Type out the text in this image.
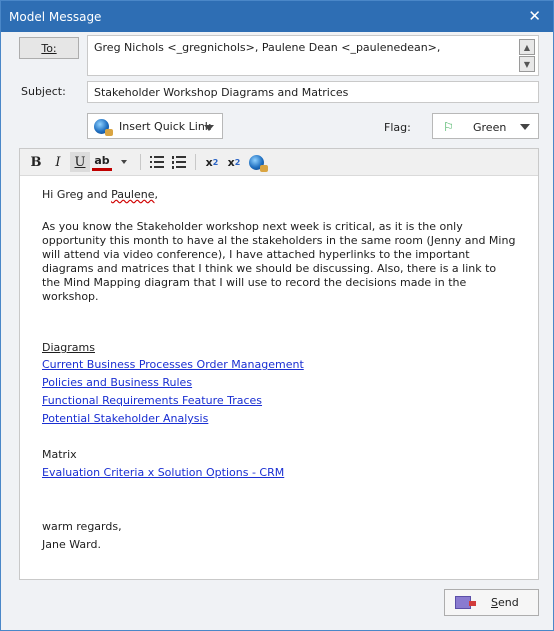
Model Message	✕
To:	Greg Nichols <_gregnichols>, Paulene Dean <_paulenedean>,	▲
▼
Subject:
Stakeholder Workshop Diagrams and Matrices
Insert Quick Link	Flag:	⚐ Green
B	I	U ab	x 2 x 2

Hi Greg and Paulene,

As you know the Stakeholder workshop next week is critical, as it is the only opportunity this month to have al the stakeholders in the same room (Jenny and Ming will attend via video conference), I have attached hyperlinks to the important diagrams and matrices that I think we should be discussing. Also, there is a link to the Mind Mapping diagram that I will use to record the decisions made in the workshop.

Diagrams

Current Business Processes Order Management
Policies and Business Rules
Functional Requirements Feature Traces
Potential Stakeholder Analysis

Matrix

Evaluation Criteria x Solution Options - CRM

warm regards,

Jane Ward.

Send
